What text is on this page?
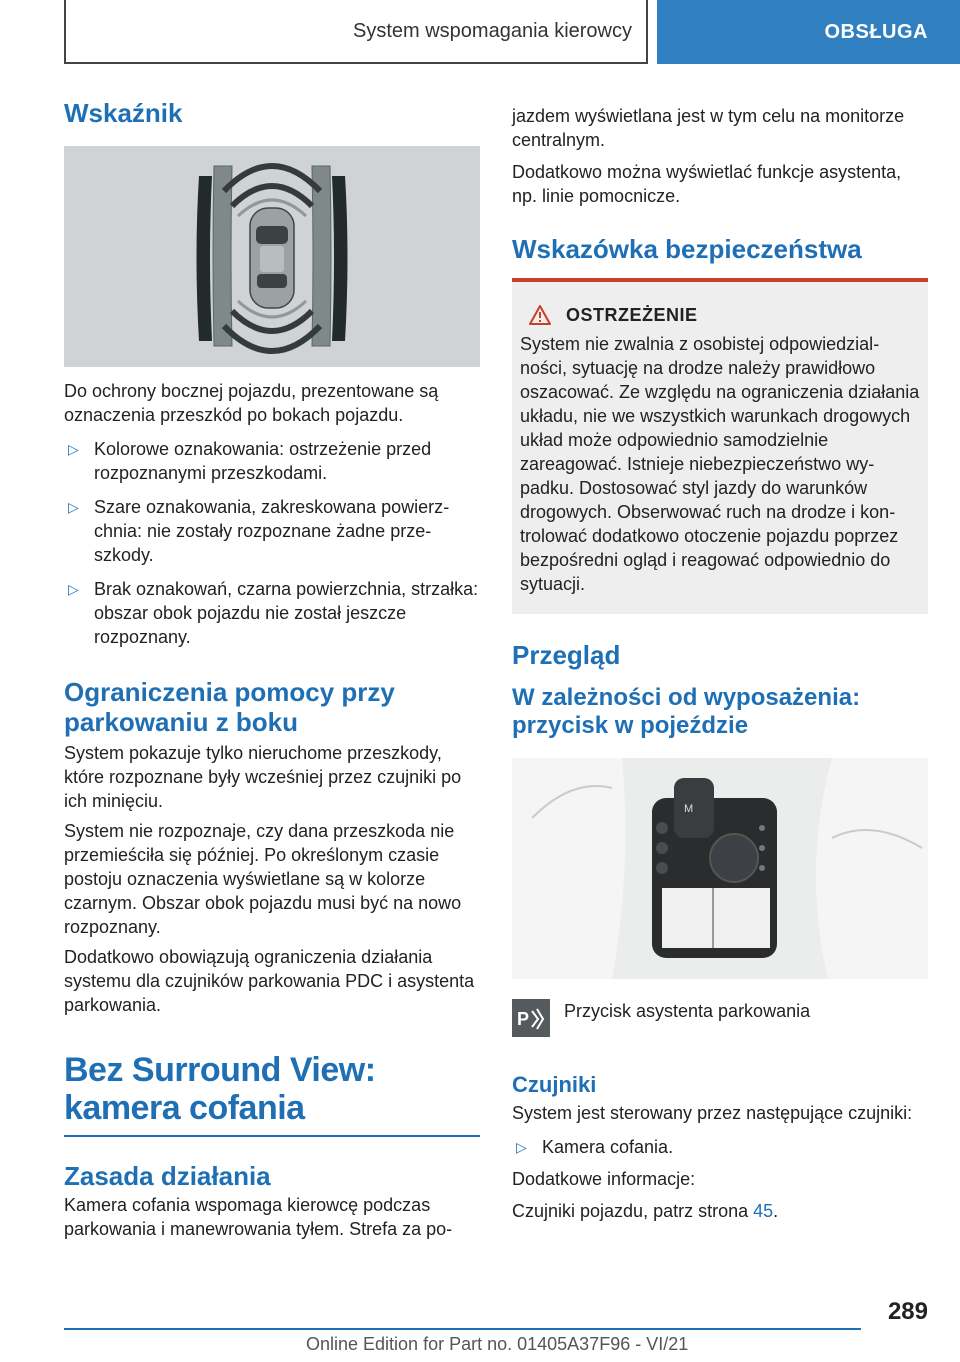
System wspomagania kierowcy	OBSŁUGA
Wskaźnik

Do ochrony bocznej pojazdu, prezentowane są oznaczenia przeszkód po bokach pojazdu.

▷ Kolorowe oznakowania: ostrzeżenie przed rozpoznanymi przeszkodami.
▷ Szare oznakowania, zakreskowana powierzchnia: nie zostały rozpoznane żadne przeszkody.
▷ Brak oznakowań, czarna powierzchnia, strzałka: obszar obok pojazdu nie został jeszcze rozpoznany.
Ograniczenia pomocy przy parkowaniu z boku

System pokazuje tylko nieruchome przeszkody, które rozpoznane były wcześniej przez czujniki po ich minięciu.

System nie rozpoznaje, czy dana przeszkoda nie przemieściła się później. Po określonym czasie postoju oznaczenia wyświetlane są w kolorze czarnym. Obszar obok pojazdu musi być na nowo rozpoznany.

Dodatkowo obowiązują ograniczenia działania systemu dla czujników parkowania PDC i asystenta parkowania.

Bez Surround View: kamera cofania
Zasada działania

Kamera cofania wspomaga kierowcę podczas parkowania i manewrowania tyłem. Strefa za po-

jazdem wyświetlana jest w tym celu na monitorze centralnym.

Dodatkowo można wyświetlać funkcje asystenta, np. linie pomocnicze.

Wskazówka bezpieczeństwa
OSTRZEŻENIE

System nie zwalnia z osobistej odpowiedzialności, sytuację na drodze należy prawidłowo oszacować. Ze względu na ograniczenia działania układu, nie we wszystkich warunkach drogowych układ może odpowiednio samodzielnie zareagować. Istnieje niebezpieczeństwo wypadku. Dostosować styl jazdy do warunków drogowych. Obserwować ruch na drodze i kontrolować dodatkowo otoczenie pojazdu poprzez bezpośredni ogląd i reagować odpowiednio do sytuacji.

Przegląd
W zależności od wyposażenia: przycisk w pojeździe
M
P Przycisk asystenta parkowania

Czujniki

System jest sterowany przez następujące czujniki:

▷ Kamera cofania.

Dodatkowe informacje:

Czujniki pojazdu, patrz strona 45.

289
Online Edition for Part no. 01405A37F96 - VI/21
